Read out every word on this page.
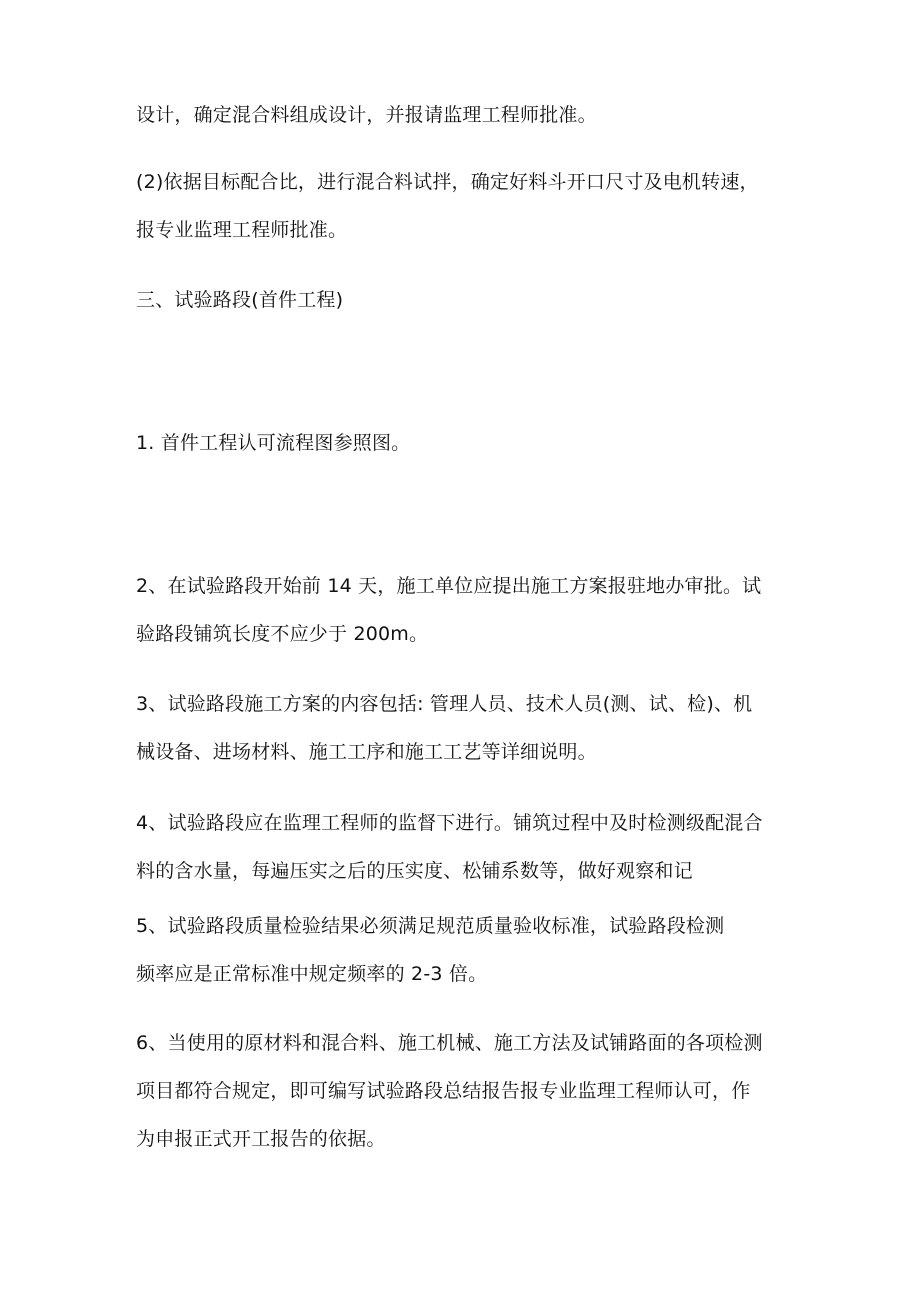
设计，确定混合料组成设计，并报请监理工程师批准。
(2)依据目标配合比，进行混合料试拌，确定好料斗开口尺寸及电机转速，
报专业监理工程师批准。
三、试验路段(首件工程)
1. 首件工程认可流程图参照图。
2、在试验路段开始前 14 天，施工单位应提出施工方案报驻地办审批。试
验路段铺筑长度不应少于 200m。
3、试验路段施工方案的内容包括: 管理人员、技术人员(测、试、检)、机
械设备、进场材料、施工工序和施工工艺等详细说明。
4、试验路段应在监理工程师的监督下进行。铺筑过程中及时检测级配混合
料的含水量，每遍压实之后的压实度、松铺系数等，做好观察和记
5、试验路段质量检验结果必须满足规范质量验收标准，试验路段检测
频率应是正常标准中规定频率的 2-3 倍。
6、当使用的原材料和混合料、施工机械、施工方法及试铺路面的各项检测
项目都符合规定，即可编写试验路段总结报告报专业监理工程师认可，作
为申报正式开工报告的依据。
